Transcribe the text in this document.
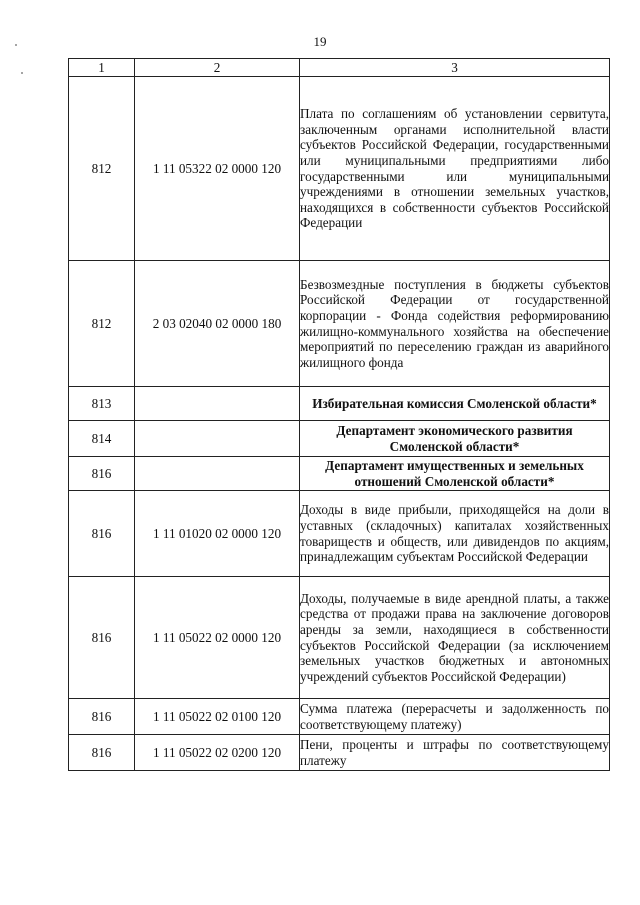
19
1	2	3
812	1 11 05322 02 0000 120	Плата по соглашениям об установлении сервитута, заключенным органами исполнительной власти субъектов Российской Федерации, государственными или муниципальными предприятиями либо государственными или муниципальными учреждениями в отношении земельных участков, находящихся в собственности субъектов Российской Федерации
812	2 03 02040 02 0000 180	Безвозмездные поступления в бюджеты субъектов Российской Федерации от государственной корпорации - Фонда содействия реформированию жилищно-коммунального хозяйства на обеспечение мероприятий по переселению граждан из аварийного жилищного фонда
813		Избирательная комиссия Смоленской области*
814		Департамент экономического развития Смоленской области*
816		Департамент имущественных и земельных отношений Смоленской области*
816	1 11 01020 02 0000 120	Доходы в виде прибыли, приходящейся на доли в уставных (складочных) капиталах хозяйственных товариществ и обществ, или дивидендов по акциям, принадлежащим субъектам Российской Федерации
816	1 11 05022 02 0000 120	Доходы, получаемые в виде арендной платы, а также средства от продажи права на заключение договоров аренды за земли, находящиеся в собственности субъектов Российской Федерации (за исключением земельных участков бюджетных и автономных учреждений субъектов Российской Федерации)
816	1 11 05022 02 0100 120	Сумма платежа (перерасчеты и задолженность по соответствующему платежу)
816	1 11 05022 02 0200 120	Пени, проценты и штрафы по соответствующему платежу
